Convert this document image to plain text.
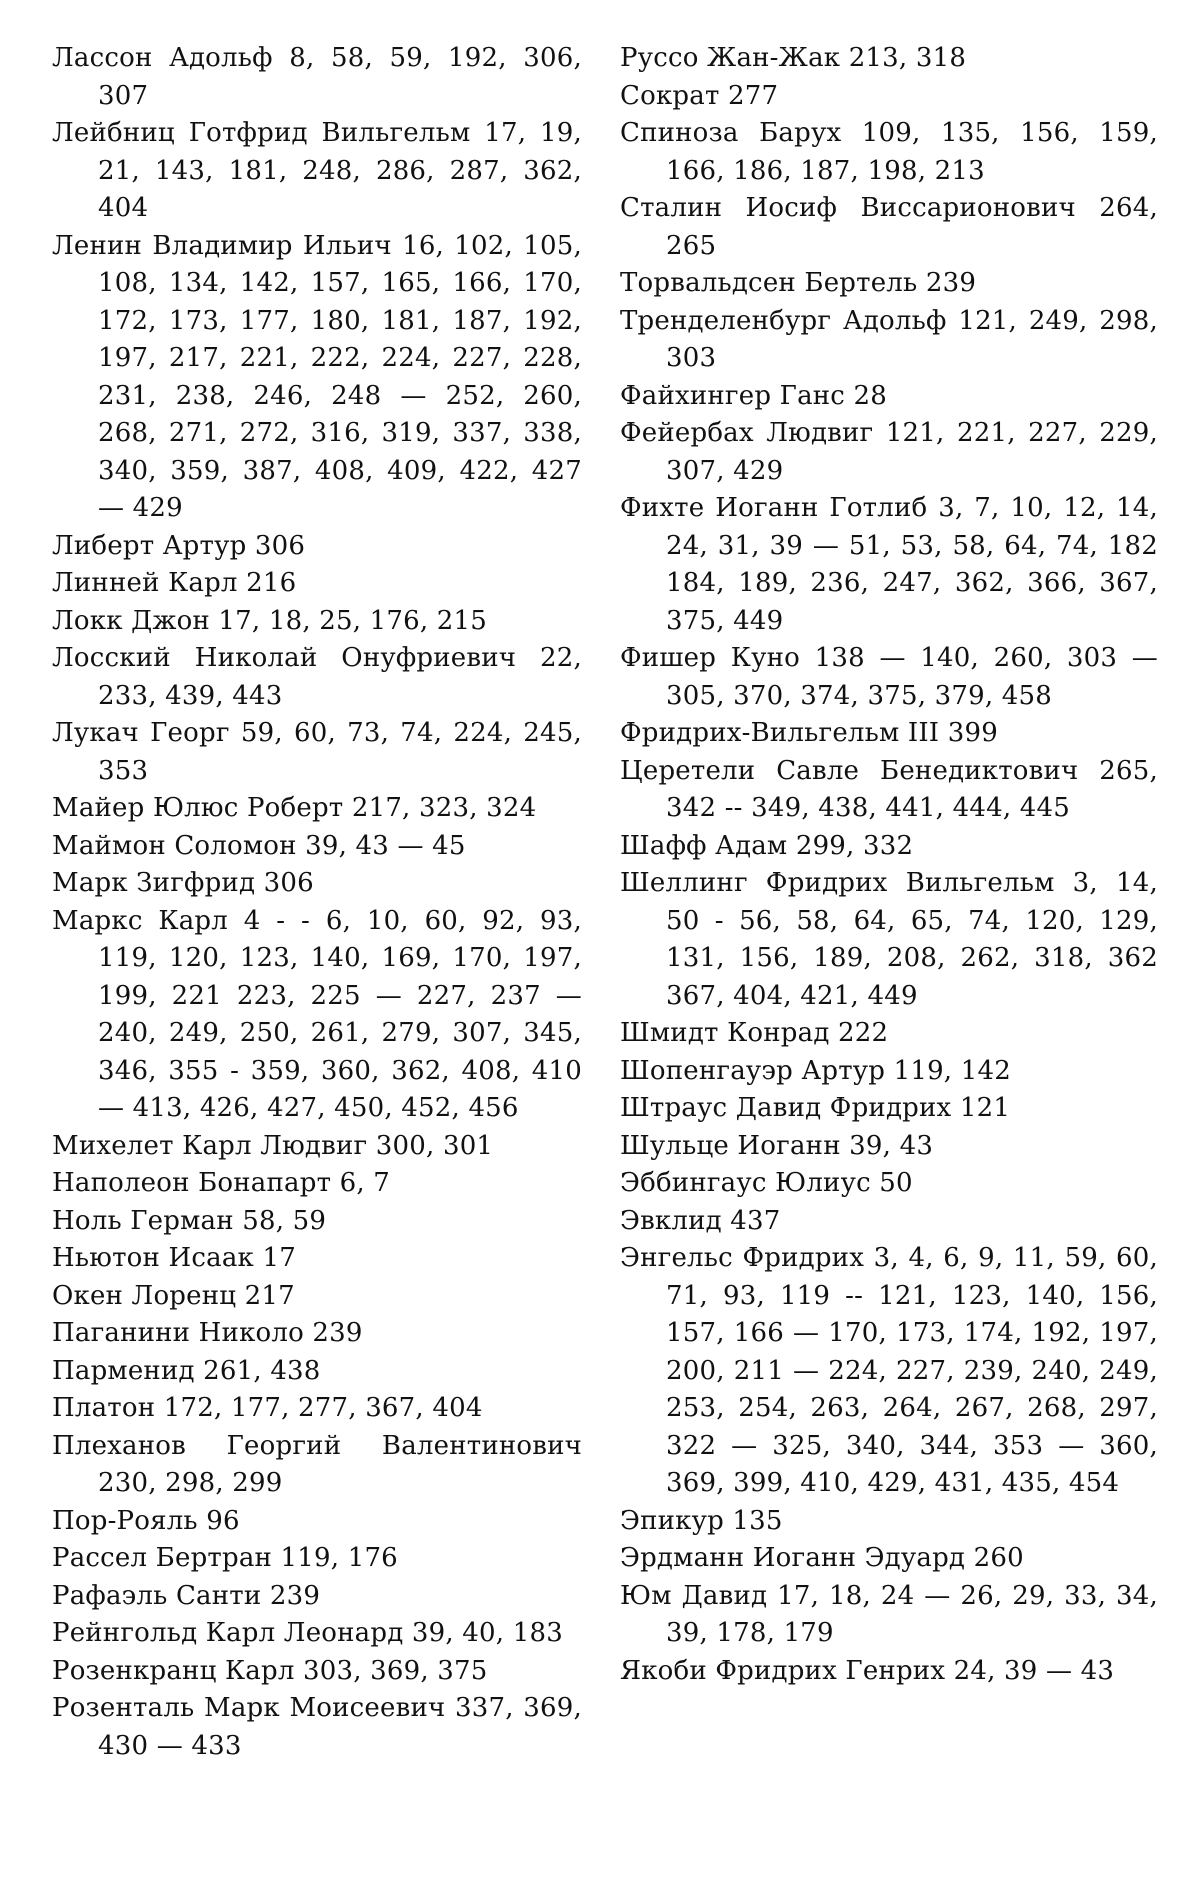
Лассон Адольф 8, 58, 59, 192, 306, 307

Лейбниц Готфрид Вильгельм 17, 19, 21, 143, 181, 248, 286, 287, 362, 404

Ленин Владимир Ильич 16, 102, 105, 108, 134, 142, 157, 165, 166, 170, 172, 173, 177, 180, 181, 187, 192, 197, 217, 221, 222, 224, 227, 228, 231, 238, 246, 248 — 252, 260, 268, 271, 272, 316, 319, 337, 338, 340, 359, 387, 408, 409, 422, 427 — 429

Либерт Артур 306

Линней Карл 216

Локк Джон 17, 18, 25, 176, 215

Лосский Николай Онуфриевич 22, 233, 439, 443

Лукач Георг 59, 60, 73, 74, 224, 245, 353

Майер Юлюс Роберт 217, 323, 324

Маймон Соломон 39, 43 — 45

Марк Зигфрид 306

Маркс Карл 4 - - 6, 10, 60, 92, 93, 119, 120, 123, 140, 169, 170, 197, 199, 221 223, 225 — 227, 237 — 240, 249, 250, 261, 279, 307, 345, 346, 355 - 359, 360, 362, 408, 410 — 413, 426, 427, 450, 452, 456

Михелет Карл Людвиг 300, 301

Наполеон Бонапарт 6, 7

Ноль Герман 58, 59

Ньютон Исаак 17

Окен Лоренц 217

Паганини Николо 239

Парменид 261, 438

Платон 172, 177, 277, 367, 404

Плеханов Георгий Валентинович 230, 298, 299

Пор-Рояль 96

Рассел Бертран 119, 176

Рафаэль Санти 239

Рейнгольд Карл Леонард 39, 40, 183

Розенкранц Карл 303, 369, 375

Рoзенталь Марк Моисеевич 337, 369, 430 — 433

Руссо Жан-Жак 213, 318

Сократ 277

Спиноза Барух 109, 135, 156, 159, 166, 186, 187, 198, 213

Сталин Иосиф Виссарионович 264, 265

Торвальдсен Бертель 239

Тренделенбург Адольф 121, 249, 298, 303

Файхингер Ганс 28

Фейербах Людвиг 121, 221, 227, 229, 307, 429

Фихте Иоганн Готлиб 3, 7, 10, 12, 14, 24, 31, 39 — 51, 53, 58, 64, 74, 182 184, 189, 236, 247, 362, 366, 367, 375, 449

Фишер Куно 138 — 140, 260, 303 — 305, 370, 374, 375, 379, 458

Фридрих-Вильгельм III 399

Церетели Савле Бенедиктович 265, 342 -- 349, 438, 441, 444, 445

Шафф Адам 299, 332

Шеллинг Фридрих Вильгельм 3, 14, 50 - 56, 58, 64, 65, 74, 120, 129, 131, 156, 189, 208, 262, 318, 362 367, 404, 421, 449

Шмидт Конрад 222

Шопенгауэр Артур 119, 142

Штраус Давид Фридрих 121

Шульце Иоганн 39, 43

Эббингаус Юлиус 50

Эвклид 437

Энгельс Фридрих 3, 4, 6, 9, 11, 59, 60, 71, 93, 119 -- 121, 123, 140, 156, 157, 166 — 170, 173, 174, 192, 197, 200, 211 — 224, 227, 239, 240, 249, 253, 254, 263, 264, 267, 268, 297, 322 — 325, 340, 344, 353 — 360, 369, 399, 410, 429, 431, 435, 454

Эпикур 135

Эрдманн Иоганн Эдуард 260

Юм Давид 17, 18, 24 — 26, 29, 33, 34, 39, 178, 179

Якоби Фридрих Генрих 24, 39 — 43
